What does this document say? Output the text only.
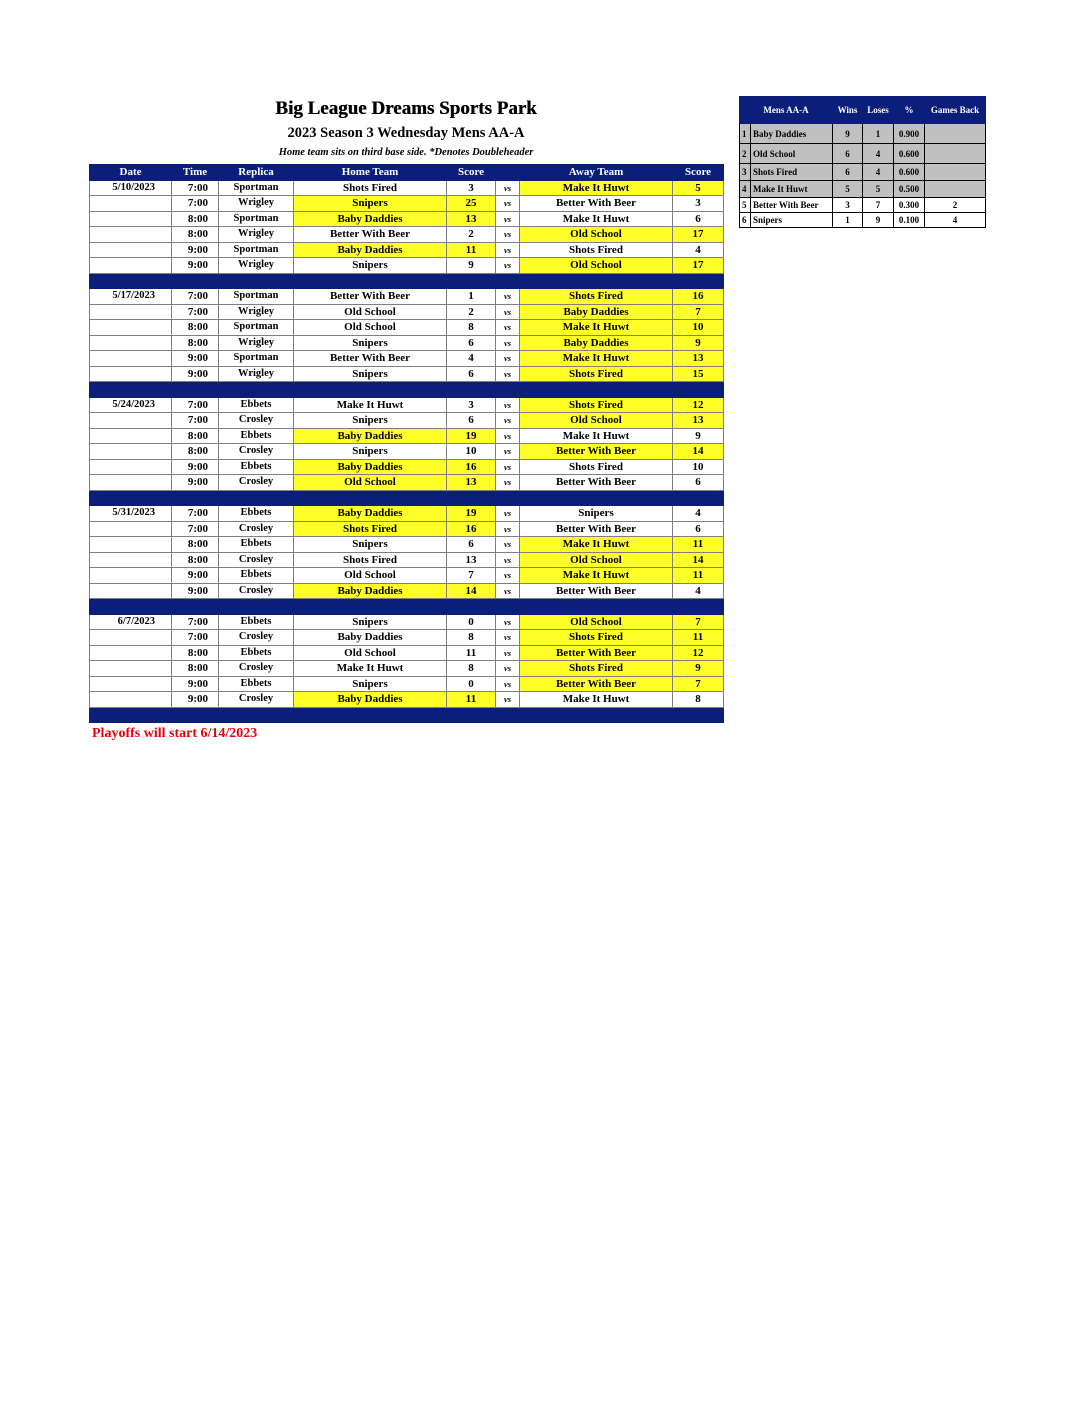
Big League Dreams Sports Park
2023 Season 3 Wednesday Mens AA-A
Home team sits on third base side. *Denotes Doubleheader
Date	Time	Replica	Home Team	Score		Away Team	Score
5/10/2023	7:00	Sportman	Shots Fired	3	vs	Make It Huwt	5
	7:00	Wrigley	Snipers	25	vs	Better With Beer	3
	8:00	Sportman	Baby Daddies	13	vs	Make It Huwt	6
	8:00	Wrigley	Better With Beer	2	vs	Old School	17
	9:00	Sportman	Baby Daddies	11	vs	Shots Fired	4
	9:00	Wrigley	Snipers	9	vs	Old School	17

5/17/2023	7:00	Sportman	Better With Beer	1	vs	Shots Fired	16
	7:00	Wrigley	Old School	2	vs	Baby Daddies	7
	8:00	Sportman	Old School	8	vs	Make It Huwt	10
	8:00	Wrigley	Snipers	6	vs	Baby Daddies	9
	9:00	Sportman	Better With Beer	4	vs	Make It Huwt	13
	9:00	Wrigley	Snipers	6	vs	Shots Fired	15

5/24/2023	7:00	Ebbets	Make It Huwt	3	vs	Shots Fired	12
	7:00	Crosley	Snipers	6	vs	Old School	13
	8:00	Ebbets	Baby Daddies	19	vs	Make It Huwt	9
	8:00	Crosley	Snipers	10	vs	Better With Beer	14
	9:00	Ebbets	Baby Daddies	16	vs	Shots Fired	10
	9:00	Crosley	Old School	13	vs	Better With Beer	6

5/31/2023	7:00	Ebbets	Baby Daddies	19	vs	Snipers	4
	7:00	Crosley	Shots Fired	16	vs	Better With Beer	6
	8:00	Ebbets	Snipers	6	vs	Make It Huwt	11
	8:00	Crosley	Shots Fired	13	vs	Old School	14
	9:00	Ebbets	Old School	7	vs	Make It Huwt	11
	9:00	Crosley	Baby Daddies	14	vs	Better With Beer	4

6/7/2023	7:00	Ebbets	Snipers	0	vs	Old School	7
	7:00	Crosley	Baby Daddies	8	vs	Shots Fired	11
	8:00	Ebbets	Old School	11	vs	Better With Beer	12
	8:00	Crosley	Make It Huwt	8	vs	Shots Fired	9
	9:00	Ebbets	Snipers	0	vs	Better With Beer	7
	9:00	Crosley	Baby Daddies	11	vs	Make It Huwt	8

Playoffs will start 6/14/2023
Mens AA-A		Wins	Loses	%	Games Back
1	Baby Daddies	9	1	0.900	
2	Old School	6	4	0.600	
3	Shots Fired	6	4	0.600	
4	Make It Huwt	5	5	0.500	
5	Better With Beer	3	7	0.300	2
6	Snipers	1	9	0.100	4
